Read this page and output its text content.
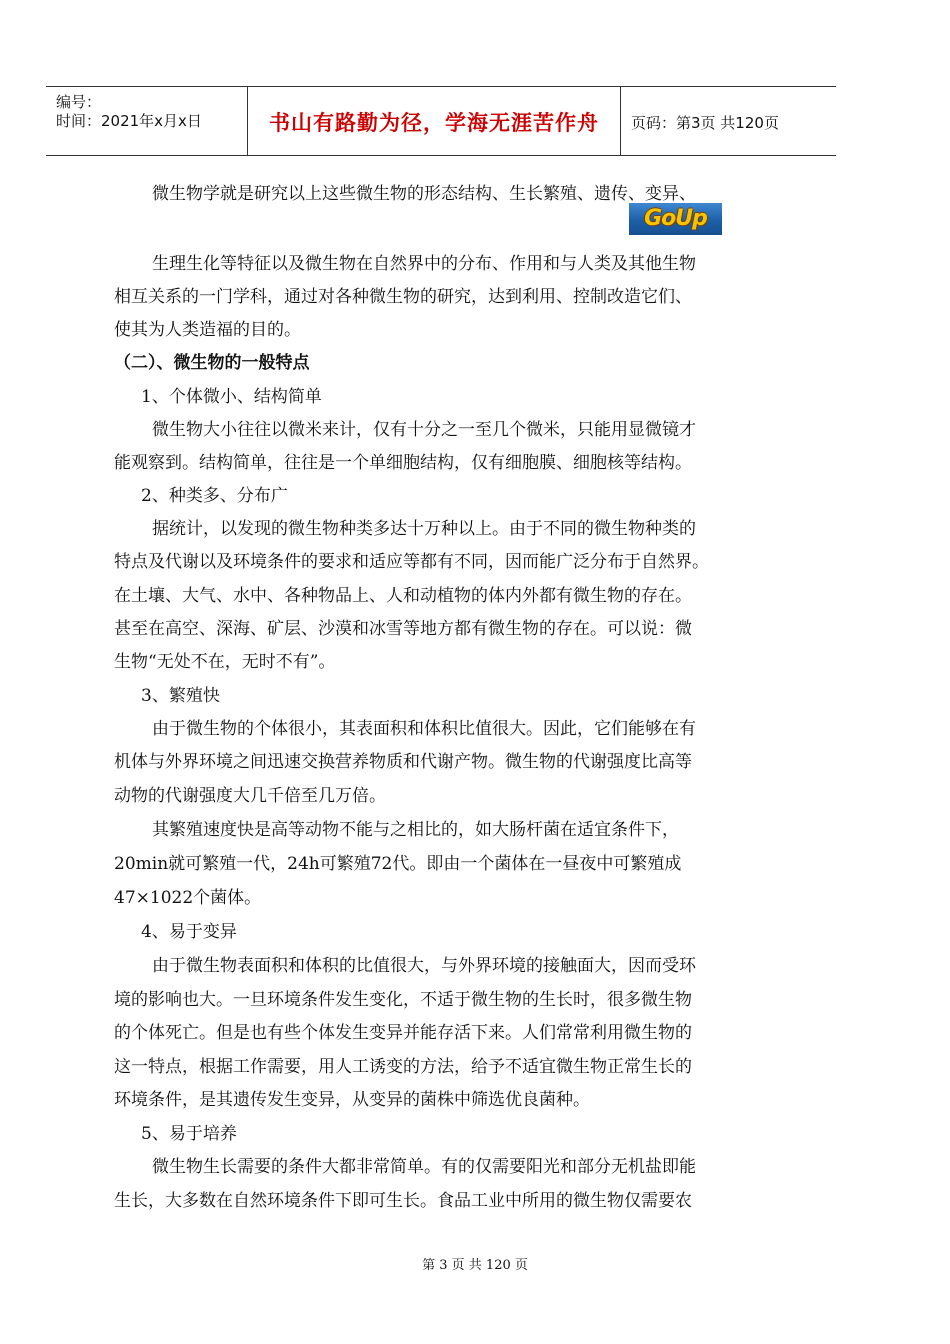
编号：
时间：2021年x月x日	书山有路勤为径，学海无涯苦作舟	页码：第3页 共120页
GoUp
微生物学就是研究以上这些微生物的形态结构、生长繁殖、遗传、变异、
生理生化等特征以及微生物在自然界中的分布、作用和与人类及其他生物
相互关系的一门学科，通过对各种微生物的研究，达到利用、控制改造它们、
使其为人类造福的目的。
（二）、微生物的一般特点
1、个体微小、结构简单
微生物大小往往以微米来计，仅有十分之一至几个微米，只能用显微镜才
能观察到。结构简单，往往是一个单细胞结构，仅有细胞膜、细胞核等结构。
2、种类多、分布广
据统计，以发现的微生物种类多达十万种以上。由于不同的微生物种类的
特点及代谢以及环境条件的要求和适应等都有不同，因而能广泛分布于自然界。
在土壤、大气、水中、各种物品上、人和动植物的体内外都有微生物的存在。
甚至在高空、深海、矿层、沙漠和冰雪等地方都有微生物的存在。可以说：微
生物“无处不在，无时不有”。
3、繁殖快
由于微生物的个体很小，其表面积和体积比值很大。因此，它们能够在有
机体与外界环境之间迅速交换营养物质和代谢产物。微生物的代谢强度比高等
动物的代谢强度大几千倍至几万倍。
其繁殖速度快是高等动物不能与之相比的，如大肠杆菌在适宜条件下，
20min就可繁殖一代，24h可繁殖72代。即由一个菌体在一昼夜中可繁殖成
47×1022个菌体。
4、易于变异
由于微生物表面积和体积的比值很大，与外界环境的接触面大，因而受环
境的影响也大。一旦环境条件发生变化，不适于微生物的生长时，很多微生物
的个体死亡。但是也有些个体发生变异并能存活下来。人们常常利用微生物的
这一特点，根据工作需要，用人工诱变的方法，给予不适宜微生物正常生长的
环境条件，是其遗传发生变异，从变异的菌株中筛选优良菌种。
5、易于培养
微生物生长需要的条件大都非常简单。有的仅需要阳光和部分无机盐即能
生长，大多数在自然环境条件下即可生长。食品工业中所用的微生物仅需要农
第 3 页 共 120 页
